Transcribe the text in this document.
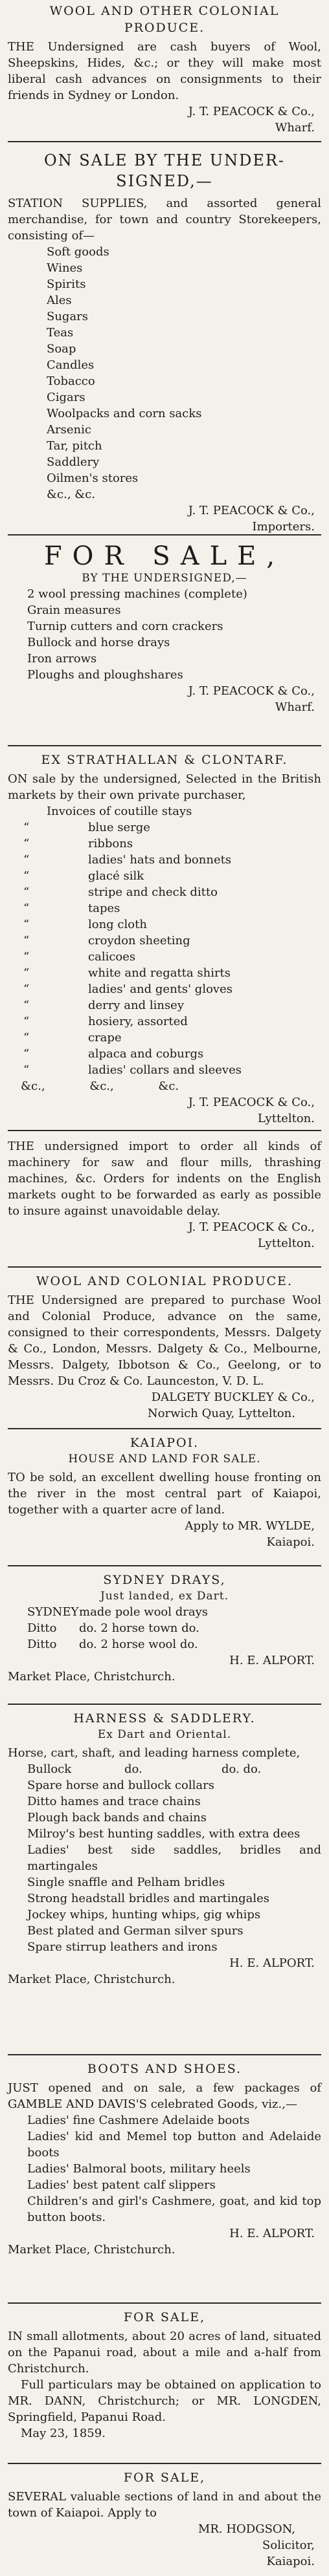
WOOL AND OTHER COLONIAL PRODUCE.

THE Undersigned are cash buyers of Wool, Sheepskins, Hides, &c.; or they will make most liberal cash advances on consignments to their friends in Sydney or London.

J. T. PEACOCK & Co.,
Wharf.
ON SALE BY THE UNDER- SIGNED,—

STATION SUPPLIES, and assorted general merchandise, for town and country Storekeepers, consisting of—

Soft goods
Wines
Spirits
Ales
Sugars
Teas
Soap
Candles
Tobacco
Cigars
Woolpacks and corn sacks
Arsenic
Tar, pitch
Saddlery
Oilmen's stores
&c., &c.
J. T. PEACOCK & Co.,
Importers.
FOR SALE,
BY THE UNDERSIGNED,—
2 wool pressing machines (complete)
Grain measures
Turnip cutters and corn crackers
Bullock and horse drays
Iron arrows
Ploughs and ploughshares
J. T. PEACOCK & Co.,
Wharf.
EX STRATHALLAN & CLONTARF.

ON sale by the undersigned, Selected in the British markets by their own private purchaser,

Invoices of coutille stays
“	blue serge
“	ribbons
“	ladies' hats and bonnets
“	glacé silk
“	stripe and check ditto
“	tapes
“	long cloth
“	croydon sheeting
“	calicoes
“	white and regatta shirts
“	ladies' and gents' gloves
“	derry and linsey
“	hosiery, assorted
“	crape
“	alpaca and coburgs
“	ladies' collars and sleeves
&c.,            &c.,            &c.
J. T. PEACOCK & Co.,
Lyttelton.

THE undersigned import to order all kinds of machinery for saw and flour mills, thrashing machines, &c. Orders for indents on the English markets ought to be forwarded as early as possible to insure against unavoidable delay.

J. T. PEACOCK & Co.,
Lyttelton.
WOOL AND COLONIAL PRODUCE.

THE Undersigned are prepared to purchase Wool and Colonial Produce, advance on the same, consigned to their correspondents, Messrs. Dalgety & Co., London, Messrs. Dalgety & Co., Melbourne, Messrs. Dalgety, Ibbotson & Co., Geelong, or to Messrs. Du Croz & Co. Launceston, V. D. L.

DALGETY BUCKLEY & Co.,
Norwich Quay, Lyttelton.
KAIAPOI.
HOUSE AND LAND FOR SALE.

TO be sold, an excellent dwelling house fronting on the river in the most central part of Kaiapoi, together with a quarter acre of land.

Apply to MR. WYLDE,
Kaiapoi.
SYDNEY DRAYS,
Just landed, ex Dart.
SYDNEY made pole wool drays
Ditto	do. 2 horse town do.
Ditto	do. 2 horse wool do.
H. E. ALPORT.
Market Place, Christchurch.
HARNESS & SADDLERY.
Ex Dart and Oriental.

Horse, cart, shaft, and leading harness complete,

Bullock	do.	do. do.
Spare horse and bullock collars
Ditto hames and trace chains
Plough back bands and chains
Milroy's best hunting saddles, with extra dees
Ladies' best side saddles, bridles and martingales
Single snaffle and Pelham bridles
Strong headstall bridles and martingales
Jockey whips, hunting whips, gig whips
Best plated and German silver spurs
Spare stirrup leathers and irons
H. E. ALPORT.
Market Place, Christchurch.
BOOTS AND SHOES.

JUST opened and on sale, a few packages of GAMBLE AND DAVIS'S celebrated Goods, viz.,—

Ladies' fine Cashmere Adelaide boots
Ladies' kid and Memel top button and Adelaide boots
Ladies' Balmoral boots, military heels
Ladies' best patent calf slippers
Children's and girl's Cashmere, goat, and kid top button boots.
H. E. ALPORT.
Market Place, Christchurch.
FOR SALE,

IN small allotments, about 20 acres of land, situated on the Papanui road, about a mile and a-half from Christchurch.

Full particulars may be obtained on application to MR. DANN, Christchurch; or MR. LONGDEN, Springfield, Papanui Road.

May 23, 1859.
FOR SALE,

SEVERAL valuable sections of land in and about the town of Kaiapoi. Apply to

MR. HODGSON,
Solicitor,
Kaiapoi.
